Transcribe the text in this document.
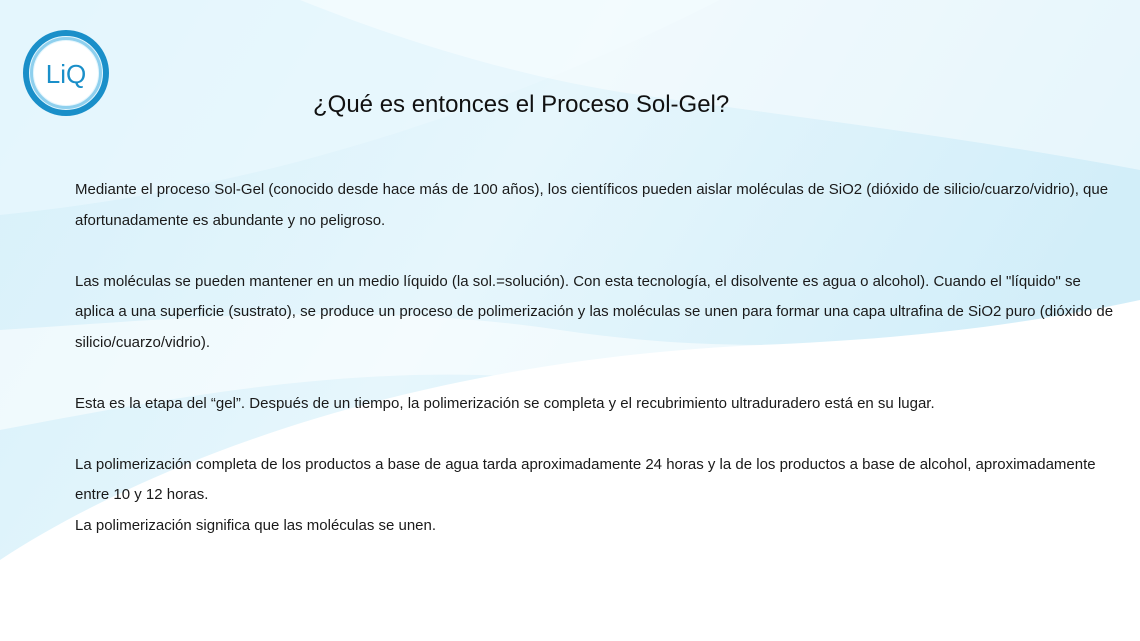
LiQ
¿Qué es entonces el Proceso Sol-Gel?

Mediante el proceso Sol-Gel (conocido desde hace más de 100 años), los científicos pueden aislar moléculas de SiO2 (dióxido de silicio/cuarzo/vidrio), que afortunadamente es abundante y no peligroso.

Las moléculas se pueden mantener en un medio líquido (la sol.=solución). Con esta tecnología, el disolvente es agua o alcohol). Cuando el "líquido" se aplica a una superficie (sustrato), se produce un proceso de polimerización y las moléculas se unen para formar una capa ultrafina de SiO2 puro (dióxido de silicio/cuarzo/vidrio).

Esta es la etapa del “gel”. Después de un tiempo, la polimerización se completa y el recubrimiento ultraduradero está en su lugar.

La polimerización completa de los productos a base de agua tarda aproximadamente 24 horas y la de los productos a base de alcohol, aproximadamente entre 10 y 12 horas.

La polimerización significa que las moléculas se unen.
